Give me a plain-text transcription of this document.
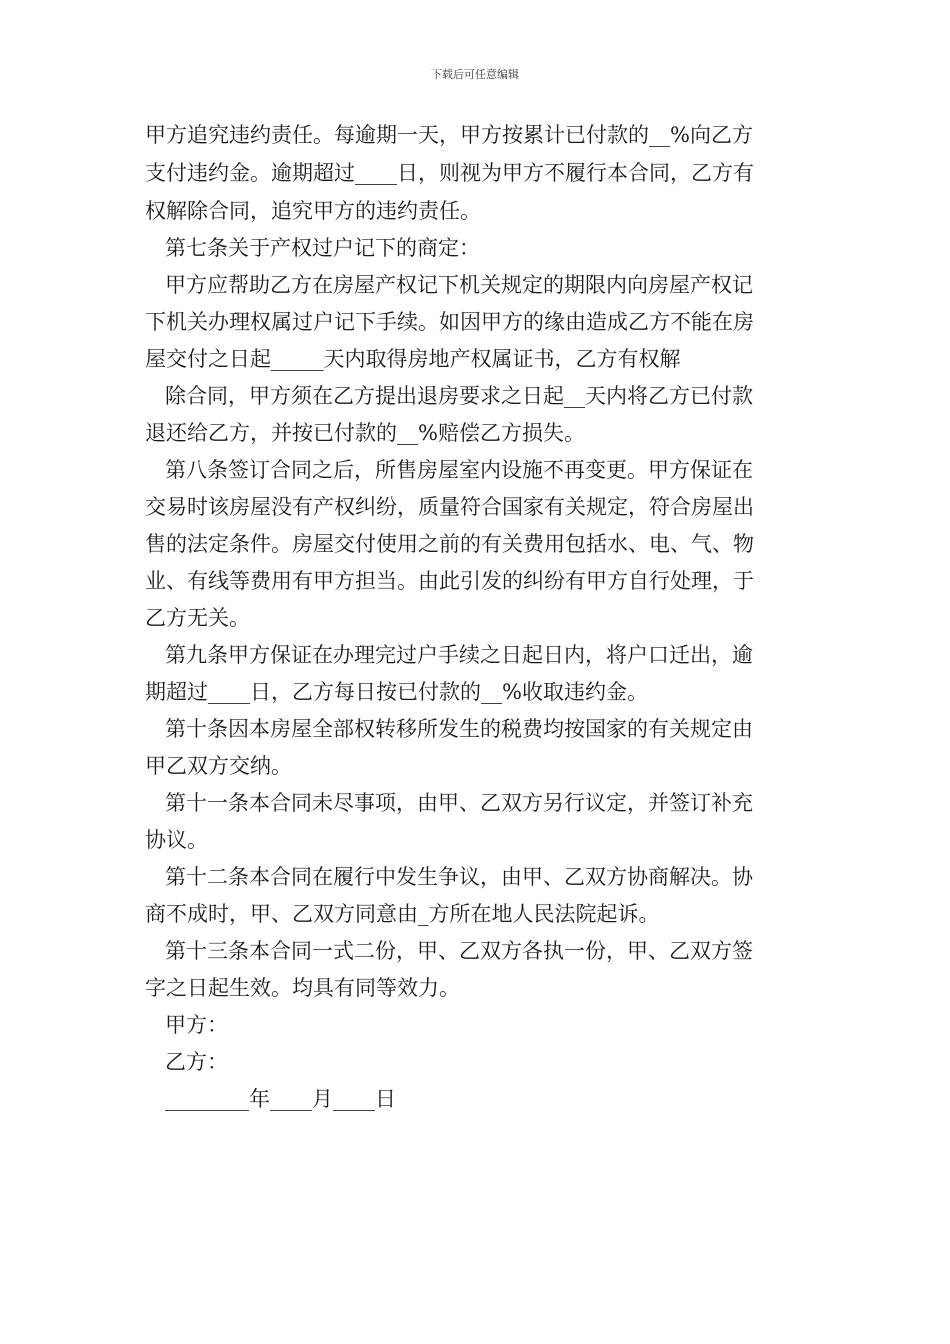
下载后可任意编辑
甲方追究违约责任。每逾期一天，甲方按累计已付款的__%向乙方
支付违约金。逾期超过____日，则视为甲方不履行本合同，乙方有
权解除合同，追究甲方的违约责任。
第七条关于产权过户记下的商定：
甲方应帮助乙方在房屋产权记下机关规定的期限内向房屋产权记
下机关办理权属过户记下手续。如因甲方的缘由造成乙方不能在房
屋交付之日起_____天内取得房地产权属证书，乙方有权解
除合同，甲方须在乙方提出退房要求之日起__天内将乙方已付款
退还给乙方，并按已付款的__%赔偿乙方损失。
第八条签订合同之后，所售房屋室内设施不再变更。甲方保证在
交易时该房屋没有产权纠纷，质量符合国家有关规定，符合房屋出
售的法定条件。房屋交付使用之前的有关费用包括水、电、气、物
业、有线等费用有甲方担当。由此引发的纠纷有甲方自行处理，于
乙方无关。
第九条甲方保证在办理完过户手续之日起日内，将户口迁出，逾
期超过____日，乙方每日按已付款的__%收取违约金。
第十条因本房屋全部权转移所发生的税费均按国家的有关规定由
甲乙双方交纳。
第十一条本合同未尽事项，由甲、乙双方另行议定，并签订补充
协议。
第十二条本合同在履行中发生争议，由甲、乙双方协商解决。协
商不成时，甲、乙双方同意由_方所在地人民法院起诉。
第十三条本合同一式二份，甲、乙双方各执一份，甲、乙双方签
字之日起生效。均具有同等效力。
甲方：
乙方：
________年____月____日
